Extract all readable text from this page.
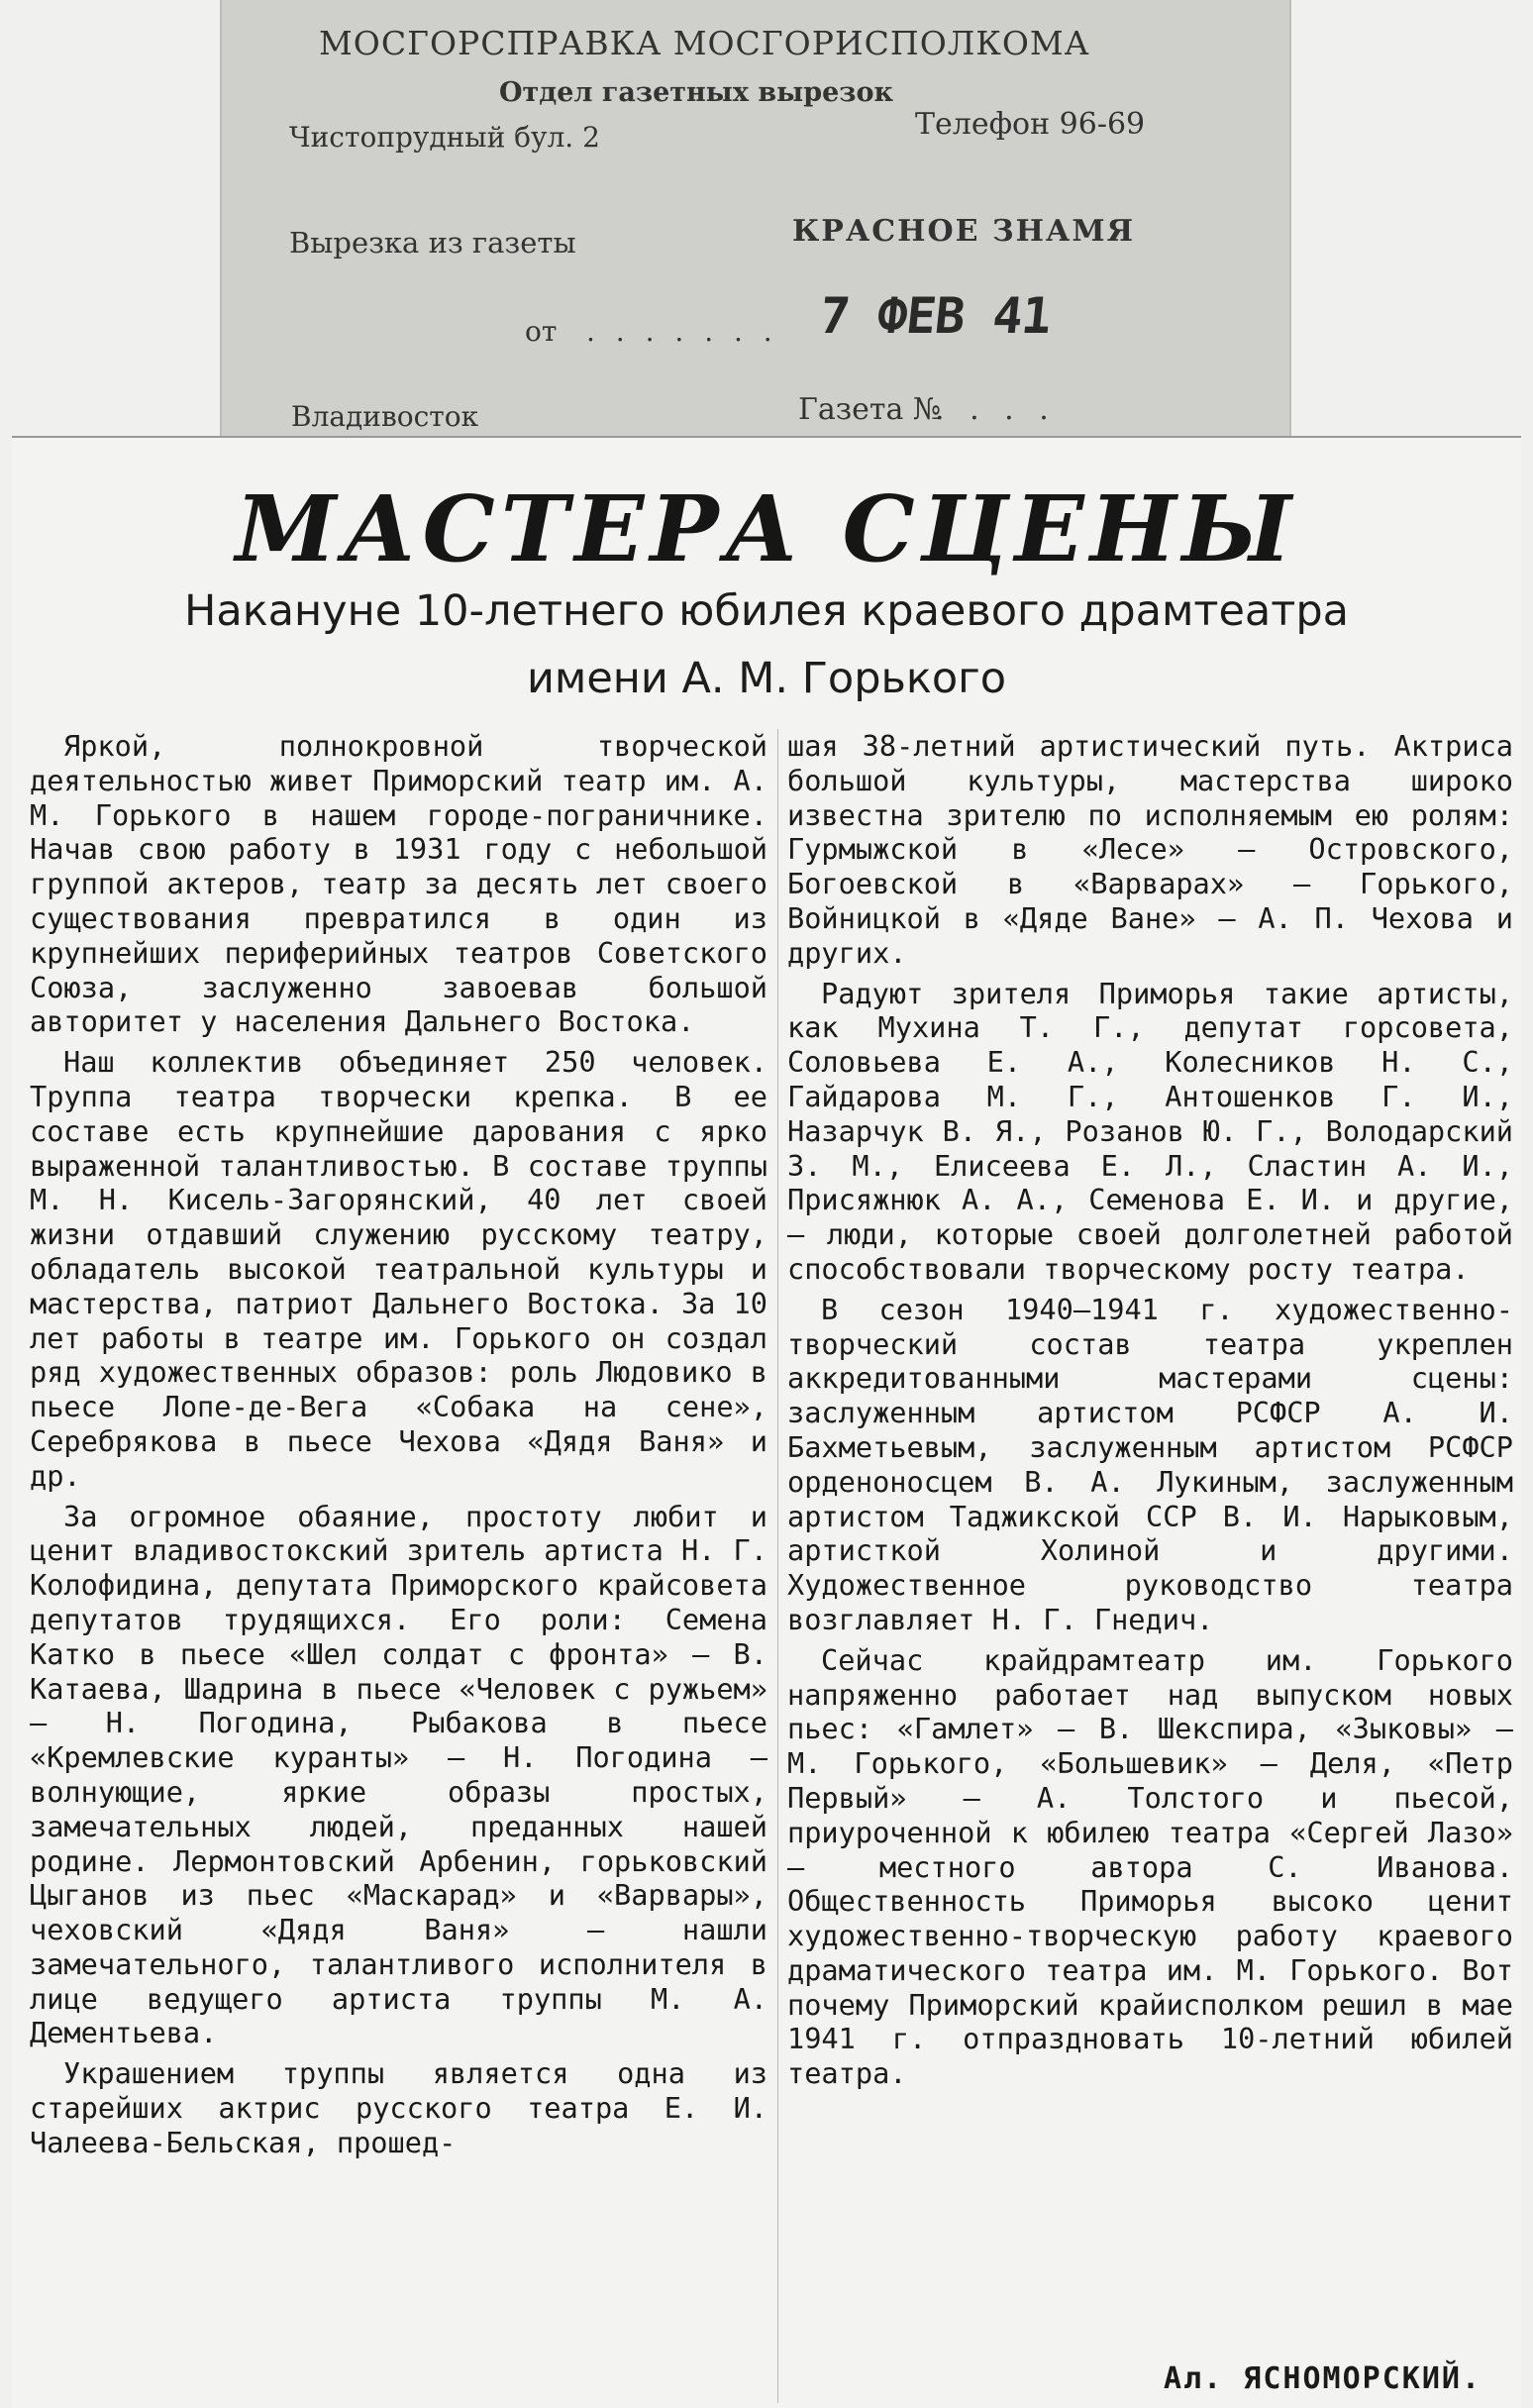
МОСГОРСПРАВКА МОСГОРИСПОЛКОМА
Отдел газетных вырезок
Чистопрудный бул. 2	Телефон 96-69
Вырезка из газеты	КРАСНОЕ ЗНАМЯ
от . . . . . . . 7 ФЕВ 41
Владивосток	Газета №
. . . .
МАСТЕРА СЦЕНЫ
Накануне 10-летнего юбилея краевого драмтеатра
имени А. М. Горького

Яркой, полнокровной творческой деятельностью живет Приморский театр им. А. М. Горького в нашем городе-пограничнике. Начав свою работу в 1931 году с небольшой группой актеров, театр за десять лет своего существования превратился в один из крупнейших периферийных театров Советского Союза, заслуженно завоевав большой авторитет у населения Дальнего Востока.

Наш коллектив объединяет 250 человек. Труппа театра творчески крепка. В ее составе есть крупнейшие дарования с ярко выраженной талантливостью. В составе труппы М. Н. Кисель-Загорянский, 40 лет своей жизни отдавший служению русскому театру, обладатель высокой театральной культуры и мастерства, патриот Дальнего Востока. За 10 лет работы в театре им. Горького он создал ряд художественных образов: роль Людовико в пьесе Лопе-де-Вега «Собака на сене», Серебрякова в пьесе Чехова «Дядя Ваня» и др.

За огромное обаяние, простоту любит и ценит владивостокский зритель артиста Н. Г. Колофидина, депутата Приморского крайсовета депутатов трудящихся. Его роли: Семена Катко в пьесе «Шел солдат с фронта» — В. Катаева, Шадрина в пьесе «Человек с ружьем» — Н. Погодина, Рыбакова в пьесе «Кремлевские куранты» — Н. Погодина — волнующие, яркие образы простых, замечательных людей, преданных нашей родине. Лермонтовский Арбенин, горьковский Цыганов из пьес «Маскарад» и «Варвары», чеховский «Дядя Ваня» — нашли замечательного, талантливого исполнителя в лице ведущего артиста труппы М. А. Дементьева.

Украшением труппы является одна из старейших актрис русского театра Е. И. Чалеева-Бельская, прошед-

шая 38-летний артистический путь. Актриса большой культуры, мастерства широко известна зрителю по исполняемым ею ролям: Гурмыжской в «Лесе» — Островского, Богоевской в «Варварах» — Горького, Войницкой в «Дяде Ване» — А. П. Чехова и других.

Радуют зрителя Приморья такие артисты, как Мухина Т. Г., депутат горсовета, Соловьева Е. А., Колесников Н. С., Гайдарова М. Г., Антошенков Г. И., Назарчук В. Я., Розанов Ю. Г., Володарский З. М., Елисеева Е. Л., Сластин А. И., Присяжнюк А. А., Семенова Е. И. и другие, — люди, которые своей долголетней работой способствовали творческому росту театра.

В сезон 1940—1941 г. художественно-творческий состав театра укреплен аккредитованными мастерами сцены: заслуженным артистом РСФСР А. И. Бахметьевым, заслуженным артистом РСФСР орденоносцем В. А. Лукиным, заслуженным артистом Таджикской ССР В. И. Нарыковым, артисткой Холиной и другими. Художественное руководство театра возглавляет Н. Г. Гнедич.

Сейчас крайдрамтеатр им. Горького напряженно работает над выпуском новых пьес: «Гамлет» — В. Шекспира, «Зыковы» — М. Горького, «Большевик» — Деля, «Петр Первый» — А. Толстого и пьесой, приуроченной к юбилею театра «Сергей Лазо» — местного автора С. Иванова. Общественность Приморья высоко ценит художественно-творческую работу краевого драматического театра им. М. Горького. Вот почему Приморский крайисполком решил в мае 1941 г. отпраздновать 10-летний юбилей театра.

Ал. ЯСНОМОРСКИЙ.
